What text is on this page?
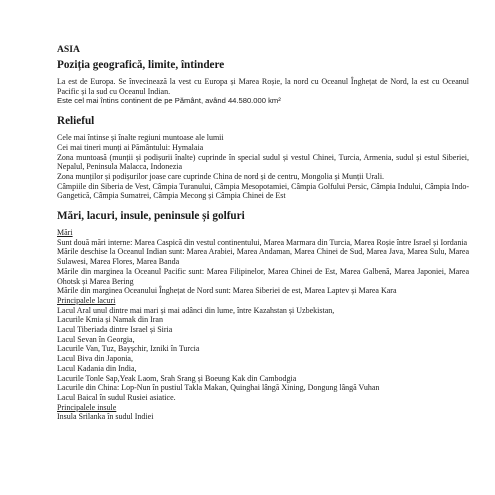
ASIA
Poziția geografică, limite, întindere

La est de Europa. Se învecinează la vest cu Europa și Marea Roșie, la nord cu Oceanul Înghețat de Nord, la est cu Oceanul Pacific și la sud cu Oceanul Indian.

Este cel mai întins continent de pe Pământ, având 44.580.000 km²

Relieful

Cele mai întinse și înalte regiuni muntoase ale lumii

Cei mai tineri munți ai Pământului: Hymalaia

Zona muntoasă (munții și podișurii înalte) cuprinde în special sudul și vestul Chinei, Turcia, Armenia, sudul și estul Siberiei, Nepalul, Peninsula Malacca, Indonezia

Zona munților și podișurilor joase care cuprinde China de nord și de centru, Mongolia și Munții Urali.

Câmpiile din Siberia de Vest, Câmpia Turanului, Câmpia Mesopotamiei, Câmpia Golfului Persic, Câmpia Indului, Câmpia Indo-Gangetică, Câmpia Sumatrei, Câmpia Mecong și Câmpia Chinei de Est

Mări, lacuri, insule, peninsule și golfuri

Mări

Sunt două mări interne: Marea Caspică din vestul continentului, Marea Marmara din Turcia, Marea Roșie între Israel și Iordania

Mările deschise la Oceanul Indian sunt: Marea Arabiei, Marea Andaman, Marea Chinei de Sud, Marea Java, Marea Sulu, Marea Sulawesi, Marea Flores, Marea Banda

Mările din marginea la Oceanul Pacific sunt: Marea Filipinelor, Marea Chinei de Est, Marea Galbenă, Marea Japoniei, Marea Ohotsk și Marea Bering

Mările din marginea Oceanului Înghețat de Nord sunt: Marea Siberiei de est, Marea Laptev și Marea Kara

Principalele lacuri

Lacul Aral unul dintre mai mari și mai adânci din lume, între Kazahstan și Uzbekistan,

Lacurile Kmia și Namak din Iran

Lacul Tiberiada dintre Israel și Siria

Lacul Sevan în Georgia,

Lacurile Van, Tuz, Bayșchir, Izniki în Turcia

Lacul Biva din Japonia,

Lacul Kadania din India,

Lacurile Tonle Sap,Yeak Laom, Srah Srang și Boeung Kak din Cambodgia

Lacurile din China: Lop-Nun în pustiul Takla Makan, Quinghai lângă Xining, Dongung lângă Vuhan

Lacul Baical în sudul Rusiei asiatice.

Principalele insule

Insula Srilanka în sudul Indiei
